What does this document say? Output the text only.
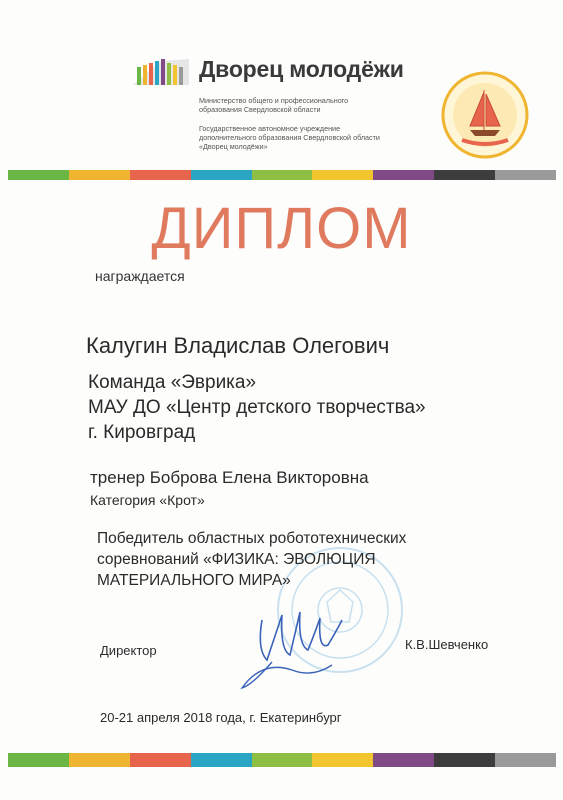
Дворец молодёжи
Министерство общего и профессионального
образования Свердловской области
Государственное автономное учреждение
дополнительного образования Свердловской области
«Дворец молодёжи»
ДИПЛОМ
награждается
Калугин Владислав Олегович
Команда «Эврика»
МАУ ДО «Центр детского творчества»
г. Кировград
тренер Боброва Елена Викторовна
Категория «Крот»
Победитель областных робототехнических
соревнований «ФИЗИКА: ЭВОЛЮЦИЯ
МАТЕРИАЛЬНОГО МИРА»
Директор	К.В.Шевченко
20-21 апреля 2018 года, г. Екатеринбург
